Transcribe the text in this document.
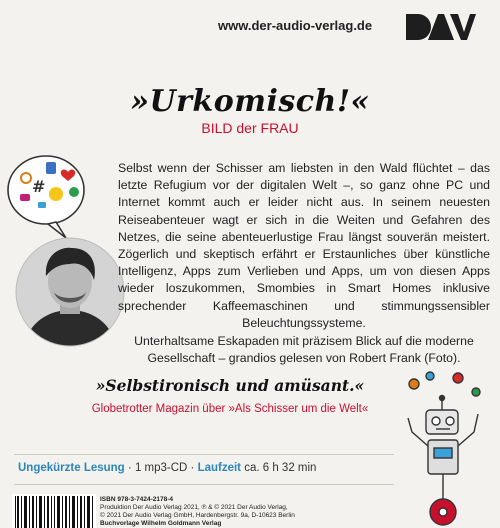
www.der-audio-verlag.de
»Urkomisch!«
BILD der FRAU
#

Selbst wenn der Schisser am liebsten in den Wald flüchtet – das letzte Refugium vor der digitalen Welt –, so ganz ohne PC und Internet kommt auch er leider nicht aus. In seinem neuesten Reiseabenteuer wagt er sich in die Weiten und Gefahren des Netzes, die seine abenteuerlustige Frau längst souverän meistert. Zögerlich und skeptisch erfährt er Erstaunliches über künstliche Intelligenz, Apps zum Verlieben und Apps, um von diesen Apps wieder loszukommen, Smombies in Smart Homes inklusive sprechender Kaffeemaschinen und stimmungssensibler Beleuchtungssysteme.

Unterhaltsame Eskapaden mit präzisem Blick auf die moderne Gesellschaft – grandios gelesen von Robert Frank (Foto).

»Selbstironisch und amüsant.«
Globetrotter Magazin über »Als Schisser um die Welt«
Ungekürzte Lesung · 1 mp3-CD · Laufzeit ca. 6 h 32 min
ISBN 978-3-7424-2178-4
Produktion Der Audio Verlag 2021, ℗ & © 2021 Der Audio Verlag,
© 2021 Der Audio Verlag GmbH, Hardenbergstr. 9a, D-10623 Berlin
Buchvorlage Wilhelm Goldmann Verlag
